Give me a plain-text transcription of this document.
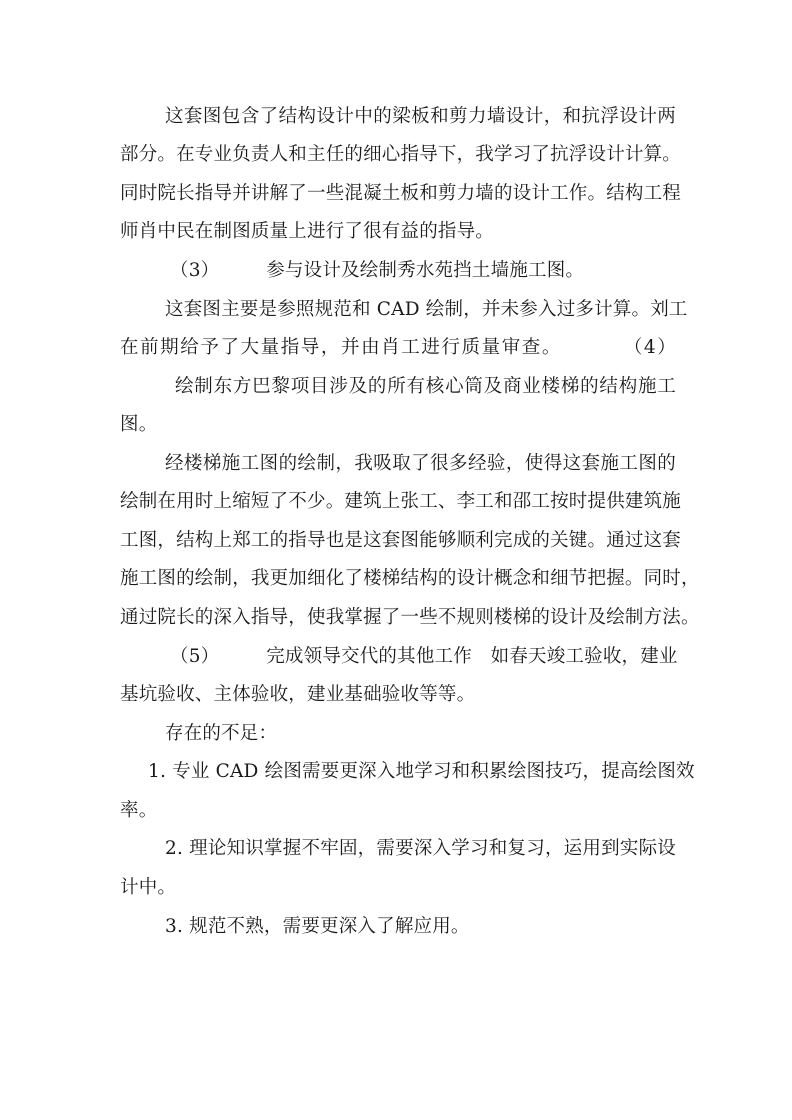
这套图包含了结构设计中的梁板和剪力墙设计，和抗浮设计两
部分。在专业负责人和主任的细心指导下，我学习了抗浮设计计算。
同时院长指导并讲解了一些混凝土板和剪力墙的设计工作。结构工程
师肖中民在制图质量上进行了很有益的指导。
（3）　　　参与设计及绘制秀水苑挡土墙施工图。
这套图主要是参照规范和 CAD 绘制，并未参入过多计算。刘工
在前期给予了大量指导，并由肖工进行质量审查。　　　　（4）
绘制东方巴黎项目涉及的所有核心筒及商业楼梯的结构施工
图。
经楼梯施工图的绘制，我吸取了很多经验，使得这套施工图的
绘制在用时上缩短了不少。建筑上张工、李工和邵工按时提供建筑施
工图，结构上郑工的指导也是这套图能够顺利完成的关键。通过这套
施工图的绘制，我更加细化了楼梯结构的设计概念和细节把握。同时，
通过院长的深入指导，使我掌握了一些不规则楼梯的设计及绘制方法。
（5）　　　完成领导交代的其他工作　如春天竣工验收，建业
基坑验收、主体验收，建业基础验收等等。
存在的不足：
1. 专业 CAD 绘图需要更深入地学习和积累绘图技巧，提高绘图效
率。
2. 理论知识掌握不牢固，需要深入学习和复习，运用到实际设
计中。
3. 规范不熟，需要更深入了解应用。
